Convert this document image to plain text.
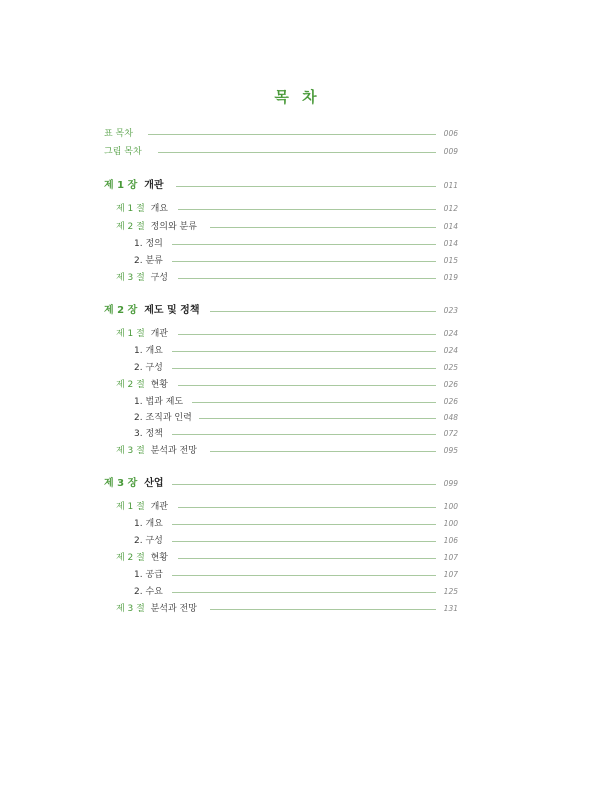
목 차
표 목차	006
그림 목차	009
제 1 장  개관	011
제 1 절  개요	012
제 2 절  정의와 분류	014
1. 정의	014
2. 분류	015
제 3 절  구성	019
제 2 장  제도 및 정책	023
제 1 절  개관	024
1. 개요	024
2. 구성	025
제 2 절  현황	026
1. 법과 제도	026
2. 조직과 인력	048
3. 정책	072
제 3 절  분석과 전망	095
제 3 장  산업	099
제 1 절  개관	100
1. 개요	100
2. 구성	106
제 2 절  현황	107
1. 공급	107
2. 수요	125
제 3 절  분석과 전망	131
